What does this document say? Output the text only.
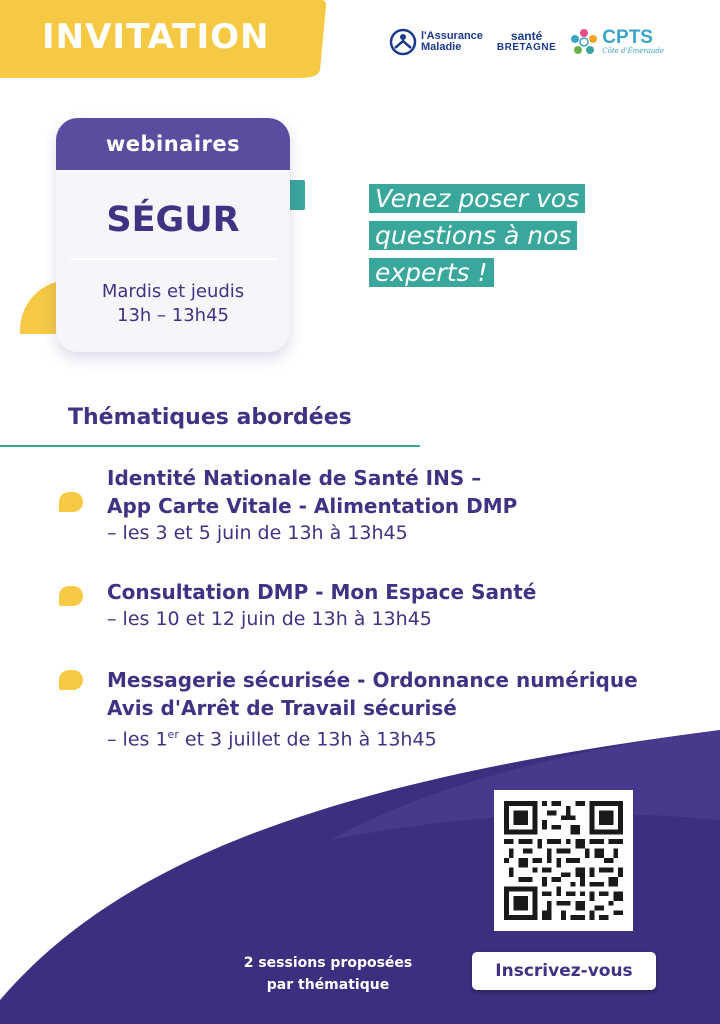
INVITATION	l'Assurance
Maladie
santé
BRETAGNE CPTS
Côte d'Émeraude
webinaires
SÉGUR
Mardis et jeudis
13h – 13h45
Venez poser vos questions à nos experts !
Thématiques abordées
Identité Nationale de Santé INS –
App Carte Vitale - Alimentation DMP
– les 3 et 5 juin de 13h à 13h45
Consultation DMP - Mon Espace Santé
– les 10 et 12 juin de 13h à 13h45
Messagerie sécurisée - Ordonnance numérique
Avis d'Arrêt de Travail sécurisé
– les 1er et 3 juillet de 13h à 13h45
2 sessions proposées
par thématique
Inscrivez-vous
